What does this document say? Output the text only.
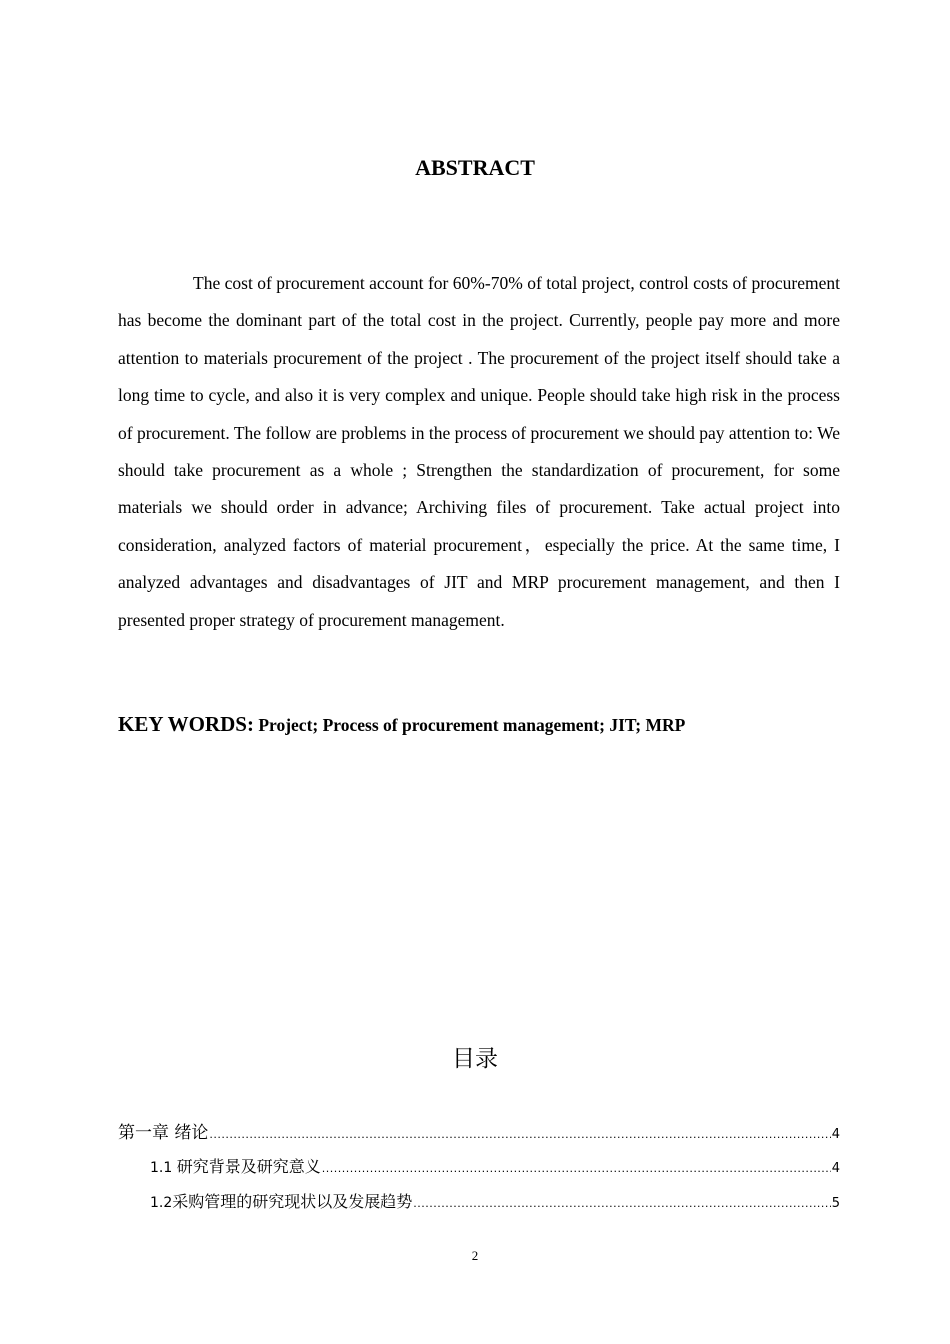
ABSTRACT
The cost of procurement account for 60%-70% of total project, control costs of procurement has become the dominant part of the total cost in the project. Currently, people pay more and more attention to materials procurement of the project . The procurement of the project itself should take a long time to cycle, and also it is very complex and unique. People should take high risk in the process of procurement. The follow are problems in the process of procurement we should pay attention to: We should take procurement as a whole ; Strengthen the standardization of procurement, for some materials we should order in advance; Archiving files of procurement. Take actual project into consideration, analyzed factors of material procurement，especially the price. At the same time, I analyzed advantages and disadvantages of JIT and MRP procurement management, and then I presented proper strategy of procurement management.
KEY WORDS: Project; Process of procurement management; JIT; MRP
目录
第一章 绪论 .....	4
1.1 研究背景及研究意义 .....	4
1.2采购管理的研究现状以及发展趋势 .....	5
2
